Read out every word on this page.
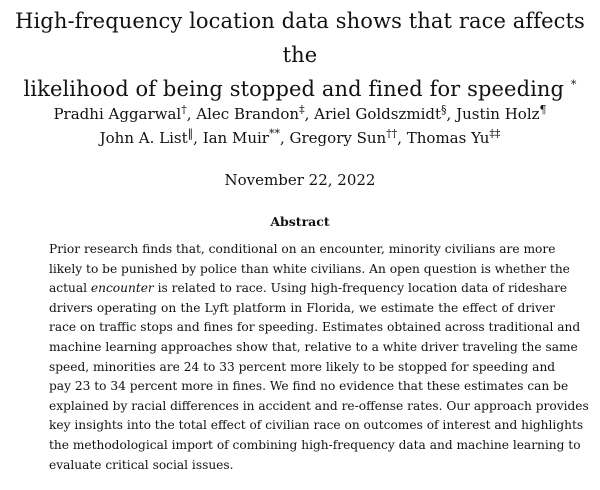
High-frequency location data shows that race affects the
likelihood of being stopped and fined for speeding *
Pradhi Aggarwal†, Alec Brandon‡, Ariel Goldszmidt§, Justin Holz¶
John A. List‖, Ian Muir**, Gregory Sun††, Thomas Yu‡‡
November 22, 2022
Abstract
Prior research finds that, conditional on an encounter, minority civilians are more
likely to be punished by police than white civilians. An open question is whether the
actual encounter is related to race. Using high-frequency location data of rideshare
drivers operating on the Lyft platform in Florida, we estimate the effect of driver
race on traffic stops and fines for speeding. Estimates obtained across traditional and
machine learning approaches show that, relative to a white driver traveling the same
speed, minorities are 24 to 33 percent more likely to be stopped for speeding and
pay 23 to 34 percent more in fines. We find no evidence that these estimates can be
explained by racial differences in accident and re-offense rates. Our approach provides
key insights into the total effect of civilian race on outcomes of interest and highlights
the methodological import of combining high-frequency data and machine learning to
evaluate critical social issues.
